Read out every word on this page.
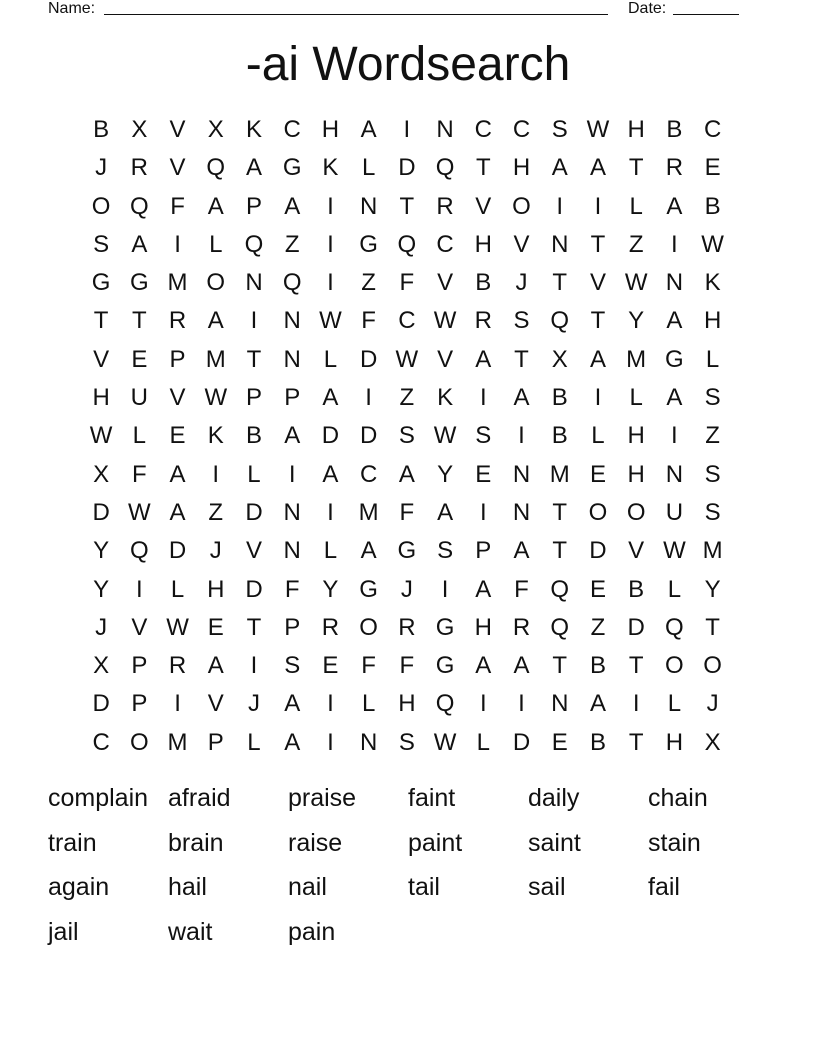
Name:	Date:
-ai Wordsearch
B X V X K C H A	I	N C C S W H B C
J R V Q A G K L D Q T H A A T R E
O Q F A P A	I	N T R V O	I	I	L A B
S A	I	L Q Z	I	G Q C H V N T Z	I W
G G M O N Q	I	Z F V B	J	T V W N K
T T R A	I	N W F C W R S Q T Y A H
V E P M T N L D W V A T X A M G L
H U V W P P A	I	Z K	I	A B	I	L A S
W L E K B A D D S W S	I	B L H	I	Z
X F A	I	L	I	A C A Y E N M E H N S
D W A Z D N	I	M F A	I	N T O O U S
Y Q D J	V N L A G S P A T D V W M
Y	I	L H D F Y G J	I	A F Q E B L Y
J	V W E T P R O R G H R Q Z D Q T
X P R A	I	S E F F G A A T B T O O
D P	I	V	J	A	I	L H Q	I	I	N A	I	L	J
C O M P L A	I	N S W L D E B T H X
complain afraid	praise	faint	daily	chain
train	brain	raise	paint	saint	stain
again	hail	nail	tail	sail	fail
jail	wait	pain
